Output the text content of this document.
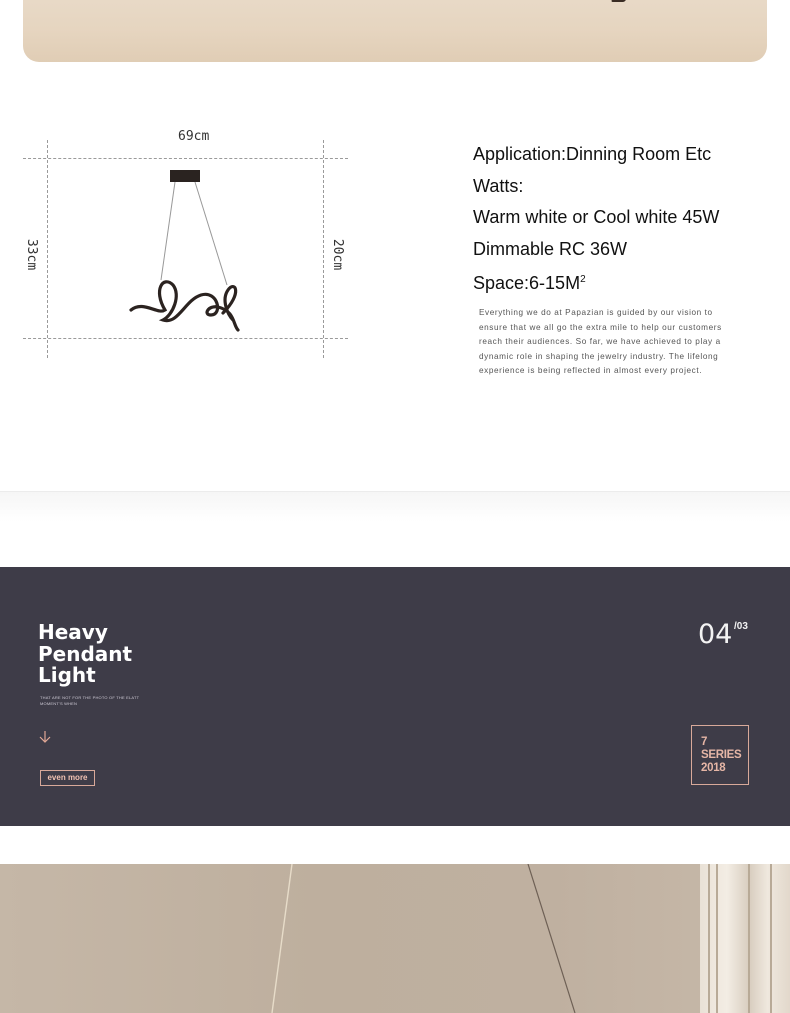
69cm
33cm	20cm
Application:Dinning Room Etc
Watts:
Warm white or Cool white 45W
Dimmable RC 36W
$Space:6-15M^2$
Everything we do at Papazian is guided by our vision to ensure that we all go the extra mile to help our customers reach their audiences. So far, we have achieved to play a dynamic role in shaping the jewelry industry. The lifelong experience is being reflected in almost every project.
Heavy
Pendant
Light
THAT ARE NOT FOR THE PHOTO OF THE ELATT MOMENT'S WHEN
even more
04 /03
7
SERIES
2018
